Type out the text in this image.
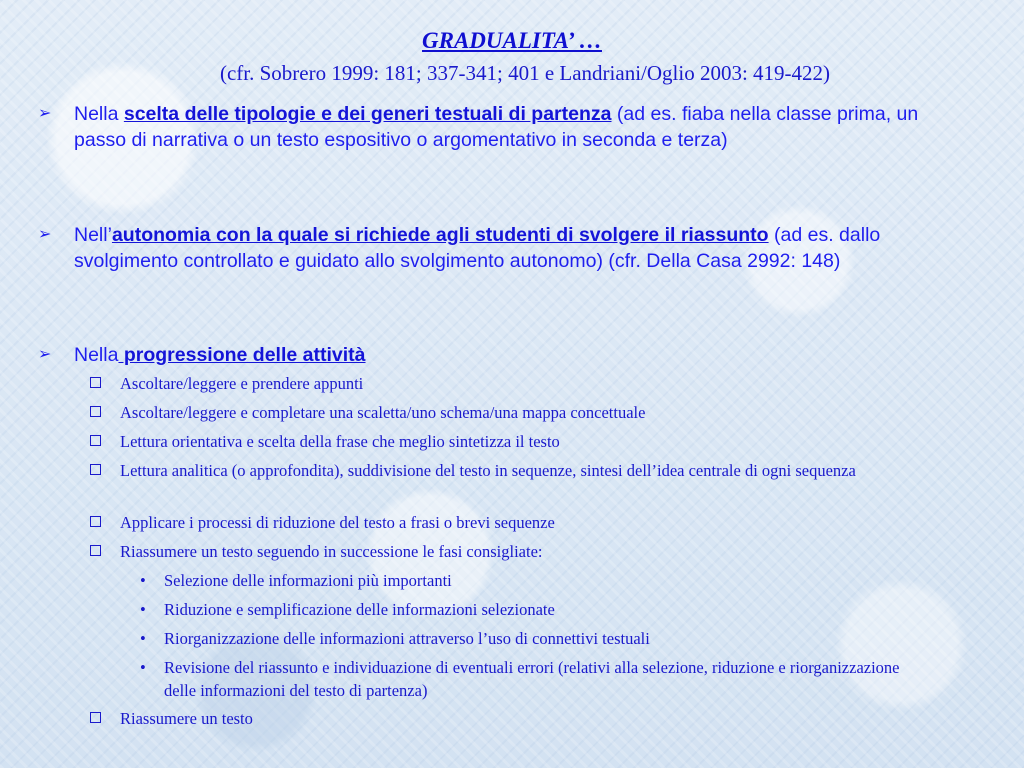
GRADUALITA’ …
(cfr. Sobrero 1999: 181; 337-341; 401 e Landriani/Oglio 2003: 419-422)
➢ Nella scelta delle tipologie e dei generi testuali di partenza (ad es. fiaba nella classe prima, un passo di narrativa o un testo espositivo o argomentativo in seconda e terza)
➢ Nell’autonomia con la quale si richiede agli studenti di svolgere il riassunto (ad es. dallo svolgimento controllato e guidato allo svolgimento autonomo) (cfr. Della Casa 2992: 148)
➢ Nella progressione delle attività
Ascoltare/leggere e prendere appunti
Ascoltare/leggere e completare una scaletta/uno schema/una mappa concettuale
Lettura orientativa e scelta della frase che meglio sintetizza il testo
Lettura analitica (o approfondita), suddivisione del testo in sequenze, sintesi dell’idea centrale di ogni sequenza
Applicare i processi di riduzione del testo a frasi o brevi sequenze
Riassumere un testo seguendo in successione le fasi consigliate:
• Selezione delle informazioni più importanti
• Riduzione e semplificazione delle informazioni selezionate
• Riorganizzazione delle informazioni attraverso l’uso di connettivi testuali
• Revisione del riassunto e individuazione di eventuali errori (relativi alla selezione, riduzione e riorganizzazione delle informazioni del testo di partenza)
Riassumere un testo
